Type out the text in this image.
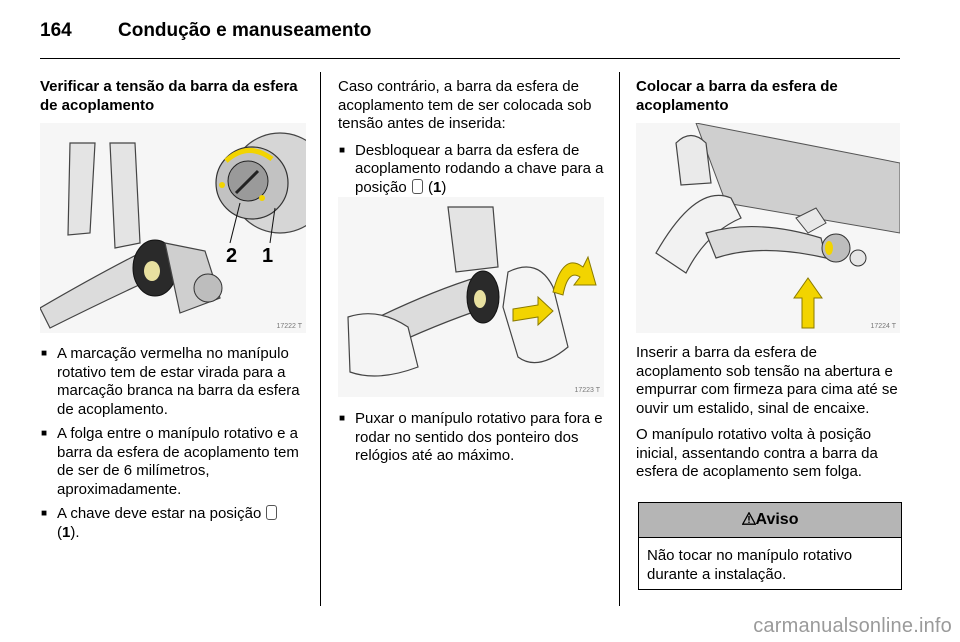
164 Condução e manuseamento

Verificar a tensão da barra da esfera de acoplamento

2 1
17222 T
■ A marcação vermelha no manípulo rotativo tem de estar virada para a marcação branca na barra da esfera de acoplamento.
■ A folga entre o manípulo rotativo e a barra da esfera de acoplamento tem de ser de 6 milímetros, aproximadamente.
■ A chave deve estar na posição  (1).

Caso contrário, a barra da esfera de acoplamento tem de ser colocada sob tensão antes de inserida:

■ Desbloquear a barra da esfera de acoplamento rodando a chave para a posição  (1)
17223 T
■ Puxar o manípulo rotativo para fora e rodar no sentido dos ponteiro dos relógios até ao máximo.

Colocar a barra da esfera de acoplamento

17224 T

Inserir a barra da esfera de acoplamento sob tensão na abertura e empurrar com firmeza para cima até se ouvir um estalido, sinal de encaixe.

O manípulo rotativo volta à posição inicial, assentando contra a barra da esfera de acoplamento sem folga.

Aviso
Não tocar no manípulo rotativo durante a instalação.
carmanualsonline.info
